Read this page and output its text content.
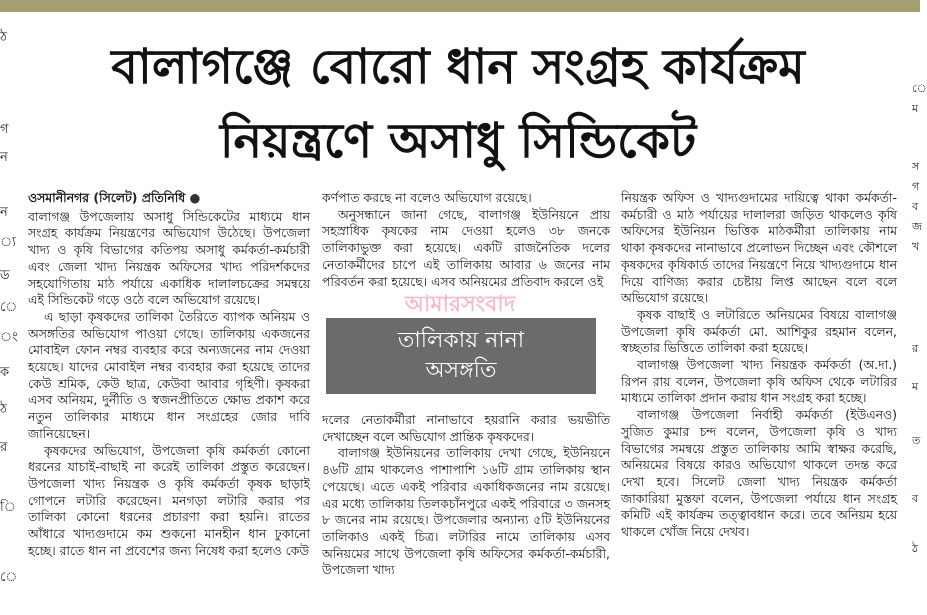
ঠ
গ
ন
ন
্য
ড
ে
ং
ক
ঠ
র
ি
ে
ে
ম
স
গ
ব
জ
খ
র
ম
ত
ব
ঠ
বালাগঞ্জে বোরো ধান সংগ্রহ কার্যক্রম
নিয়ন্ত্রণে অসাধু সিন্ডিকেট
ওসমানীনগর (সিলেট) প্রতিনিধি ●

বালাগঞ্জ উপজেলায় অসাধু সিন্ডিকেটের মাধ্যমে ধান সংগ্রহ কার্যক্রম নিয়ন্ত্রণের অভিযোগ উঠেছে। উপজেলা খাদ্য ও কৃষি বিভাগের কতিপয় অসাধু কর্মকর্তা-কর্মচারী এবং জেলা খাদ্য নিয়ন্ত্রক অফিসের খাদ্য পরিদর্শকদের সহযোগিতায় মাঠ পর্যায়ে একাধিক দালালচক্রের সমন্বয়ে এই সিন্ডিকেট গড়ে ওঠে বলে অভিযোগ রয়েছে।

এ ছাড়া কৃষকদের তালিকা তৈরিতে ব্যাপক অনিয়ম ও অসঙ্গতির অভিযোগ পাওয়া গেছে। তালিকায় একজনের মোবাইল ফোন নম্বর ব্যবহার করে অন্যজনের নাম দেওয়া হয়েছে। যাদের মোবাইল নম্বর ব্যবহার করা হয়েছে তাদের কেউ শ্রমিক, কেউ ছাত্র, কেউবা আবার গৃহিণী। কৃষকরা এসব অনিয়ম, দুর্নীতি ও স্বজনপ্রীতিতে ক্ষোভ প্রকাশ করে নতুন তালিকার মাধ্যমে ধান সংগ্রহের জোর দাবি জানিয়েছেন।

কৃষকদের অভিযোগ, উপজেলা কৃষি কর্মকর্তা কোনো ধরনের যাচাই-বাছাই না করেই তালিকা প্রস্তুত করেছেন। উপজেলা খাদ্য নিয়ন্ত্রক ও কৃষি কর্মকর্তা কৃষক ছাড়াই গোপনে লটারি করেছেন। মনগড়া লটারি করার পর তালিকা কোনো ধরনের প্রচারণা করা হয়নি। রাতের আঁধারে খাদ্যগুদামে কম শুকনো মানহীন ধান ঢুকানো হচ্ছে। রাতে ধান না প্রবেশের জন্য নিষেধ করা হলেও কেউ

কর্ণপাত করছে না বলেও অভিযোগ রয়েছে।

অনুসন্ধানে জানা গেছে, বালাগঞ্জ ইউনিয়নে প্রায় সহস্রাধিক কৃষকের নাম দেওয়া হলেও ৩৮ জনকে তালিকাভুক্ত করা হয়েছে। একটি রাজনৈতিক দলের নেতাকর্মীদের চাপে এই তালিকায় আবার ৬ জনের নাম পরিবর্তন করা হয়েছে। এসব অনিয়মের প্রতিবাদ করলে ওই

দলের নেতাকর্মীরা নানাভাবে হয়রানি করার ভয়ভীতি দেখাচ্ছেন বলে অভিযোগ প্রান্তিক কৃষকদের।

বালাগঞ্জ ইউনিয়নের তালিকায় দেখা গেছে, ইউনিয়নে ৪৬টি গ্রাম থাকলেও পাশাপাশি ১৬টি গ্রাম তালিকায় স্থান পেয়েছে। এতে একই পরিবার একাধিকজনের নাম রয়েছে। এর মধ্যে তালিকায় তিলকচাঁনপুরে একই পরিবারে ৩ জনসহ ৮ জনের নাম রয়েছে। উপজেলার অন্যান্য ৫টি ইউনিয়নের তালিকাও একই চিত্র। লটারির নামে তালিকায় এসব অনিয়মের সাথে উপজেলা কৃষি অফিসের কর্মকর্তা-কর্মচারী, উপজেলা খাদ্য

আমারসংবাদ
তালিকায় নানা
অসঙ্গতি

নিয়ন্ত্রক অফিস ও খাদ্যগুদামের দায়িত্বে থাকা কর্মকর্তা-কর্মচারী ও মাঠ পর্যায়ের দালালরা জড়িত থাকলেও কৃষি অফিসের ইউনিয়ন ভিত্তিক মাঠকর্মীরা তালিকায় নাম থাকা কৃষকদের নানাভাবে প্রলোভন দিচ্ছেন এবং কৌশলে কৃষকদের কৃষিকার্ড তাদের নিয়ন্ত্রণে নিয়ে খাদ্যগুদামে ধান দিয়ে বাণিজ্য করার চেষ্টায় লিপ্ত আছেন বলে বলে অভিযোগ রয়েছে।

কৃষক বাছাই ও লটারিতে অনিয়মের বিষয়ে বালাগঞ্জ উপজেলা কৃষি কর্মকর্তা মো. আশিকুর রহমান বলেন, স্বচ্ছতার ভিত্তিতে তালিকা করা হয়েছে।

বালাগঞ্জ উপজেলা খাদ্য নিয়ন্ত্রক কর্মকর্তা (অ.দা.) রিপন রায় বলেন, উপজেলা কৃষি অফিস থেকে লটারির মাধ্যমে তালিকা প্রদান করায় ধান সংগ্রহ করা হচ্ছে।

বালাগঞ্জ উপজেলা নির্বাহী কর্মকর্তা (ইউএনও) সুজিত কুমার চন্দ বলেন, উপজেলা কৃষি ও খাদ্য বিভাগের সমন্বয়ে প্রস্তুত তালিকায় আমি স্বাক্ষর করেছি, অনিয়মের বিষয়ে কারও অভিযোগ থাকলে তদন্ত করে দেখা হবে। সিলেট জেলা খাদ্য নিয়ন্ত্রক কর্মকর্তা জাকারিয়া মুস্তফা বলেন, উপজেলা পর্যায়ে ধান সংগ্রহ কমিটি এই কার্যক্রম তত্ত্বাবধান করে। তবে অনিয়ম হয়ে থাকলে খোঁজ নিয়ে দেখব।
